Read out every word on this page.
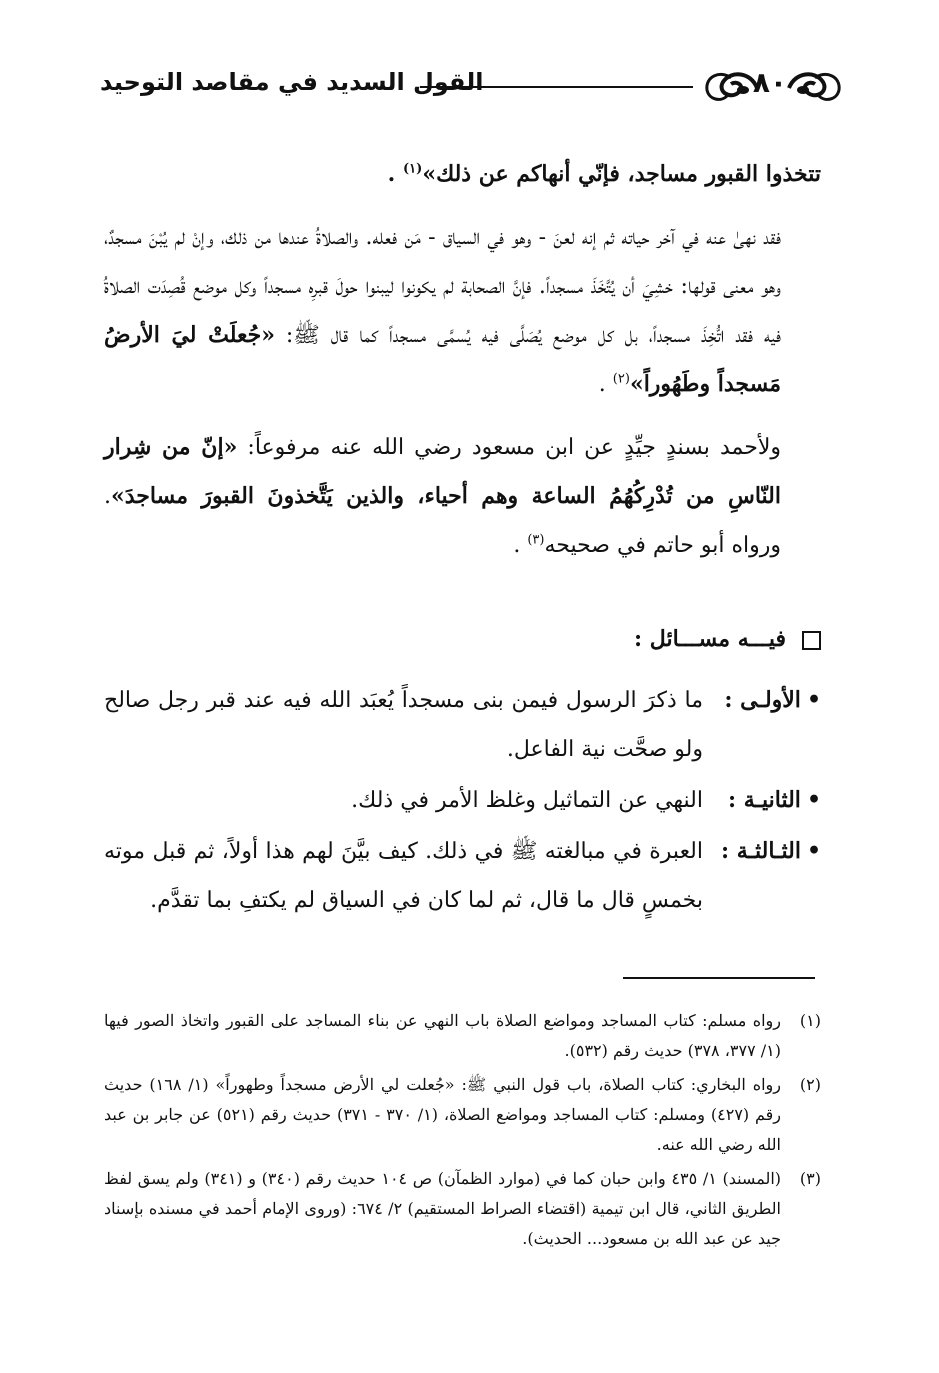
٨٠
القول السديد في مقاصد التوحيد

تتخذوا القبور مساجد، فإنّي أنهاكم عن ذلك»$^{(١)}$ .

فقد نهىٰ عنه في آخر حياته ثم إنه لعنَ - وهو في السياق - مَن فعله. والصلاةُ عندها من ذلك، وإنْ لم يُبْنَ مسجدٌ، وهو معنى قولها: خشِيَ أن يُتَّخَذَ مسجداً. فإنَّ الصحابة لم يكونوا ليبنوا حولَ قبرِه مسجداً وكل موضع قُصِدَت الصلاةُ فيه فقد اتُّخِذَ مسجداً، بل كل موضع يُصَلَّى فيه يُسمَّى مسجداً كما قال ﷺ: «جُعلَتْ ليَ الأرضُ مَسجداً وطَهُوراً»$^{(٢)}$ .

ولأحمد بسندٍ جيِّدٍ عن ابن مسعود رضي الله عنه مرفوعاً: «إنّ من شِرار النّاسِ من تُدْرِكُهُمُ الساعة وهم أحياء، والذين يَتَّخذونَ القبورَ مساجدَ». ورواه أبو حاتم في صحيحه$^{(٣)}$ .

فيـــه مســـائل :
• الأولـى :
ما ذكرَ الرسول فيمن بنى مسجداً يُعبَد الله فيه عند قبر رجل صالح ولو صحَّت نية الفاعل.
• الثانيـة :
النهي عن التماثيل وغلظ الأمر في ذلك.
• الثـالثـة :
العبرة في مبالغته ﷺ في ذلك. كيف بيَّنَ لهم هذا أولاً، ثم قبل موته بخمسٍ قال ما قال، ثم لما كان في السياق لم يكتفِ بما تقدَّم.
(١)
رواه مسلم: كتاب المساجد ومواضع الصلاة باب النهي عن بناء المساجد على القبور واتخاذ الصور فيها (١/ ٣٧٧، ٣٧٨) حديث رقم (٥٣٢).
(٢)
رواه البخاري: كتاب الصلاة، باب قول النبي ﷺ: «جُعلت لي الأرض مسجداً وطهوراً» (١/ ١٦٨) حديث رقم (٤٢٧) ومسلم: كتاب المساجد ومواضع الصلاة، (١/ ٣٧٠ - ٣٧١) حديث رقم (٥٢١) عن جابر بن عبد الله رضي الله عنه.
(٣)
(المسند) ١/ ٤٣٥ وابن حبان كما في (موارد الظمآن) ص ١٠٤ حديث رقم (٣٤٠) و (٣٤١) ولم يسق لفظ الطريق الثاني، قال ابن تيمية (اقتضاء الصراط المستقيم) ٢/ ٦٧٤: (وروى الإمام أحمد في مسنده بإسناد جيد عن عبد الله بن مسعود... الحديث).
